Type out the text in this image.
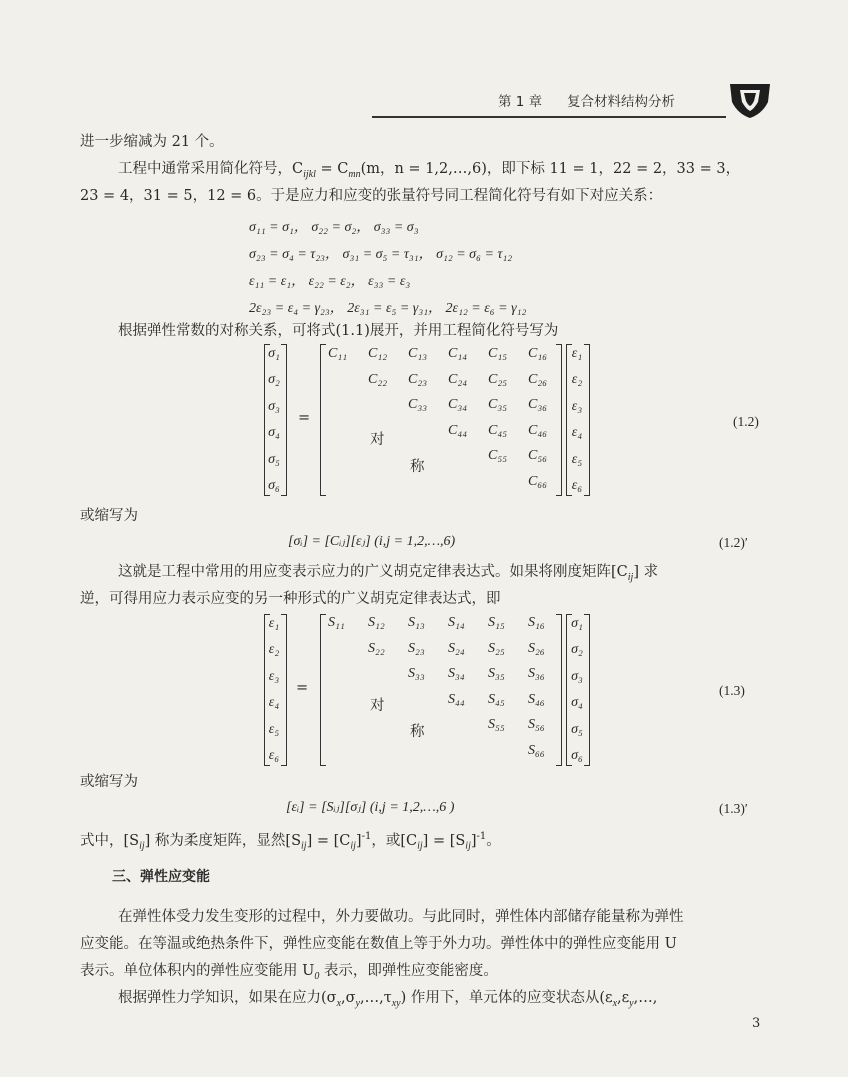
第 1 章 复合材料结构分析
进一步缩减为 21 个。
工程中通常采用简化符号，$C_{ijkl} = C_{mn}(m$，n = 1,2,…,6)，即下标 11 = 1，22 = 2，33 = 3，
23 = 4，31 = 5，12 = 6。于是应力和应变的张量符号同工程简化符号有如下对应关系：
σ₁₁ = σ₁， σ₂₂ = σ₂， σ₃₃ = σ₃
σ₂₃ = σ₄ = τ₂₃， σ₃₁ = σ₅ = τ₃₁， σ₁₂ = σ₆ = τ₁₂
ε₁₁ = ε₁， ε₂₂ = ε₂， ε₃₃ = ε₃
2ε₂₃ = ε₄ = γ₂₃， 2ε₃₁ = ε₅ = γ₃₁， 2ε₁₂ = ε₆ = γ₁₂
根据弹性常数的对称关系，可将式(1.1)展开，并用工程简化符号写为
σ₁
σ₂
σ₃
σ₄
σ₅
σ₆
=
C₁₁ C₁₂ C₁₃ C₁₄ C₁₅ C₁₆
C₂₂ C₂₃ C₂₄ C₂₅ C₂₆
C₃₃ C₃₄ C₃₅ C₃₆
C₄₄ C₄₅ C₄₆
C₅₅ C₅₆
C₆₆
对
称
ε₁
ε₂
ε₃
ε₄
ε₅
ε₆
(1.2)
或缩写为
[σᵢ] = [Cᵢⱼ][εⱼ] (i,j = 1,2,…,6)	(1.2)′
这就是工程中常用的用应变表示应力的广义胡克定律表达式。如果将刚度矩阵$[C_{ij}]$ 求
逆，可得用应力表示应变的另一种形式的广义胡克定律表达式，即
ε₁
ε₂
ε₃
ε₄
ε₅
ε₆
=
S₁₁ S₁₂ S₁₃ S₁₄ S₁₅ S₁₆
S₂₂ S₂₃ S₂₄ S₂₅ S₂₆
S₃₃ S₃₄ S₃₅ S₃₆
S₄₄ S₄₅ S₄₆
S₅₅ S₅₆
S₆₆
对
称
σ₁
σ₂
σ₃
σ₄
σ₅
σ₆
(1.3)
或缩写为
[εᵢ] = [Sᵢⱼ][σⱼ] (i,j = 1,2,…,6 )	(1.3)′
式中，$[S_{ij}]$ 称为柔度矩阵，显然$[S_{ij}] = [C_{ij}]^{-1}$，或$[C_{ij}] = [S_{ij}]^{-1}$。
三、弹性应变能
在弹性体受力发生变形的过程中，外力要做功。与此同时，弹性体内部储存能量称为弹性
应变能。在等温或绝热条件下，弹性应变能在数值上等于外力功。弹性体中的弹性应变能用 U
表示。单位体积内的弹性应变能用 $U_0$ 表示，即弹性应变能密度。
根据弹性力学知识，如果在应力$(\sigma_x,\sigma_y,\dots,\tau_{xy})$ 作用下，单元体的应变状态从($\varepsilon_x,\varepsilon_y,\dots$,
3
